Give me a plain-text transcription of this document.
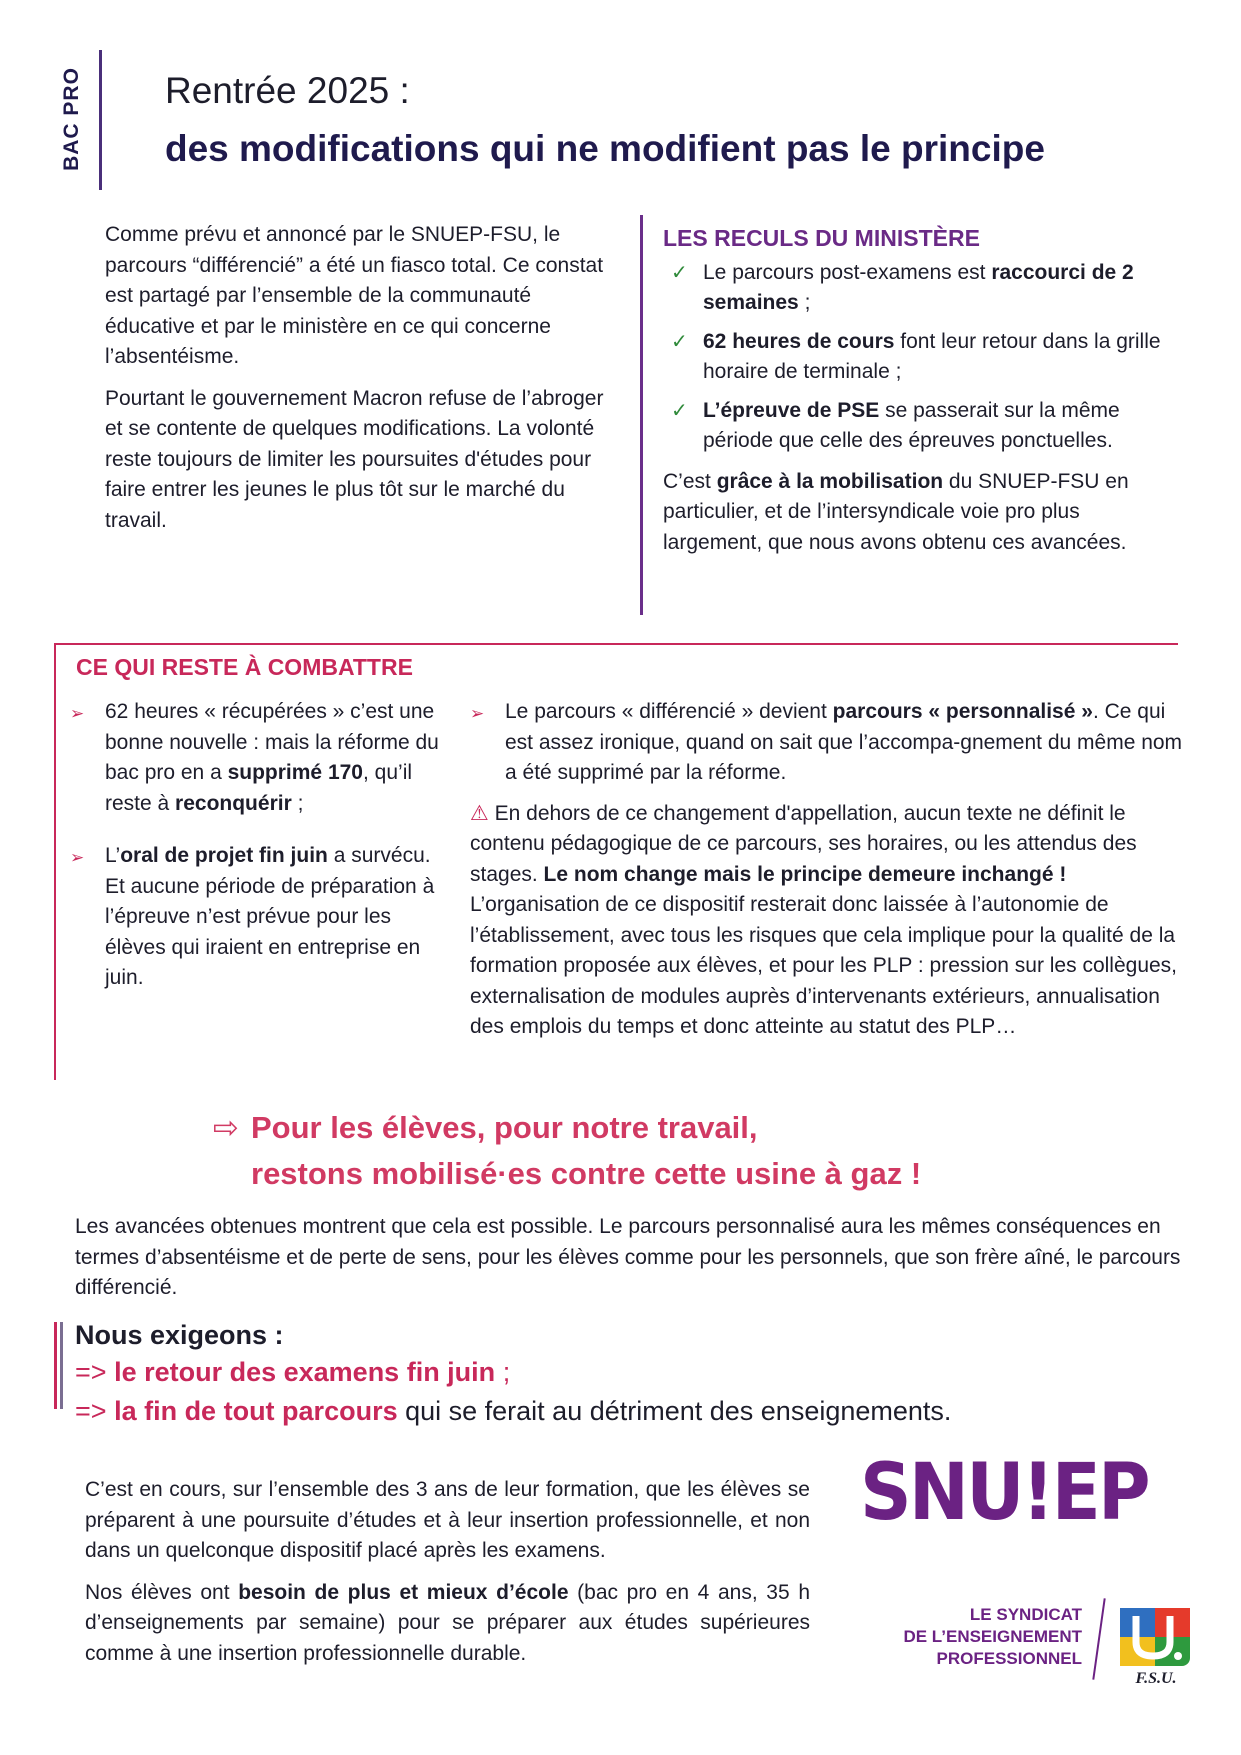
BAC PRO Rentrée 2025 :
des modifications qui ne modifient pas le principe

Comme prévu et annoncé par le SNUEP-FSU, le parcours “différencié” a été un fiasco total. Ce constat est partagé par l’ensemble de la communauté éducative et par le ministère en ce qui concerne l’absentéisme.

Pourtant le gouvernement Macron refuse de l’abroger et se contente de quelques modifications. La volonté reste toujours de limiter les poursuites d'études pour faire entrer les jeunes le plus tôt sur le marché du travail.

LES RECULS DU MINISTÈRE
✓ Le parcours post-examens est raccourci de 2 semaines ;
✓ 62 heures de cours font leur retour dans la grille horaire de terminale ;
✓ L’épreuve de PSE se passerait sur la même période que celle des épreuves ponctuelles.

C’est grâce à la mobilisation du SNUEP-FSU en particulier, et de l’intersyndicale voie pro plus largement, que nous avons obtenu ces avancées.

CE QUI RESTE À COMBATTRE
➢ 62 heures « récupérées » c’est une bonne nouvelle : mais la réforme du bac pro en a supprimé 170, qu’il reste à reconquérir ;
➢ L’oral de projet fin juin a survécu. Et aucune période de préparation à l’épreuve n’est prévue pour les élèves qui iraient en entreprise en juin.
➢ Le parcours « différencié » devient parcours « personnalisé ». Ce qui est assez ironique, quand on sait que l’accompa-gnement du même nom a été supprimé par la réforme.

⚠ En dehors de ce changement d'appellation, aucun texte ne définit le contenu pédagogique de ce parcours, ses horaires, ou les attendus des stages. Le nom change mais le principe demeure inchangé ! L’organisation de ce dispositif resterait donc laissée à l’autonomie de l’établissement, avec tous les risques que cela implique pour la qualité de la formation proposée aux élèves, et pour les PLP : pression sur les collègues, externalisation de modules auprès d’intervenants extérieurs, annualisation des emplois du temps et donc atteinte au statut des PLP…

⇨ Pour les élèves, pour notre travail,
restons mobilisé·es contre cette usine à gaz !
Les avancées obtenues montrent que cela est possible. Le parcours personnalisé aura les mêmes conséquences en termes d’absentéisme et de perte de sens, pour les élèves comme pour les personnels, que son frère aîné, le parcours différencié.
Nous exigeons :
=> le retour des examens fin juin ;
=> la fin de tout parcours qui se ferait au détriment des enseignements.

C’est en cours, sur l’ensemble des 3 ans de leur formation, que les élèves se préparent à une poursuite d’études et à leur insertion professionnelle, et non dans un quelconque dispositif placé après les examens.

Nos élèves ont besoin de plus et mieux d’école (bac pro en 4 ans, 35 h d’enseignements par semaine) pour se préparer aux études supérieures comme à une insertion professionnelle durable.

SNU!EP
LE SYNDICAT
DE L’ENSEIGNEMENT
PROFESSIONNEL
F.S.U.
